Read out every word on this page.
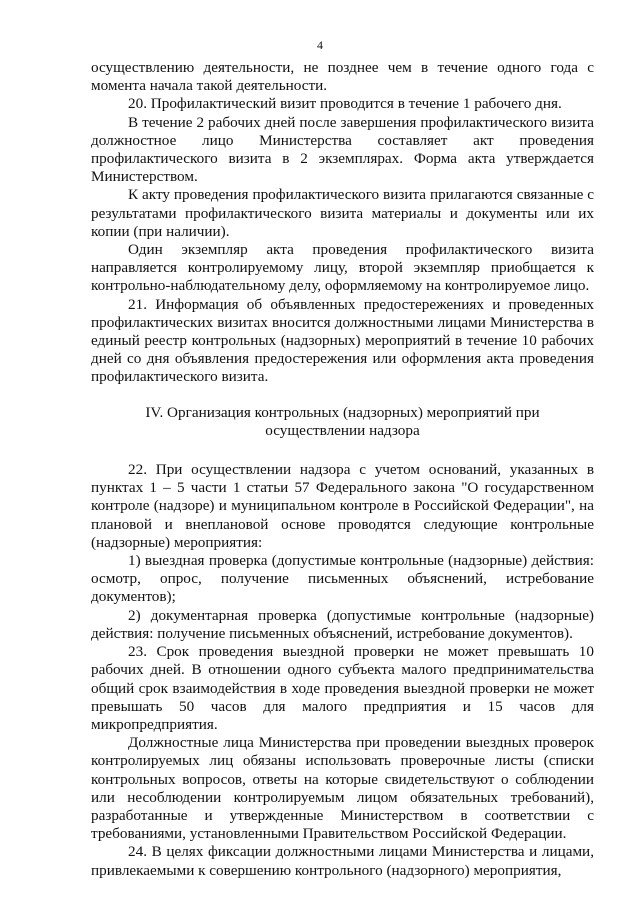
4

осуществлению деятельности, не позднее чем в течение одного года с момента начала такой деятельности.

20. Профилактический визит проводится в течение 1 рабочего дня.

В течение 2 рабочих дней после завершения профилактического визита должностное лицо Министерства составляет акт проведения профилактического визита в 2 экземплярах. Форма акта утверждается Министерством.

К акту проведения профилактического визита прилагаются связанные с результатами профилактического визита материалы и документы или их копии (при наличии).

Один экземпляр акта проведения профилактического визита направляется контролируемому лицу, второй экземпляр приобщается к контрольно-наблюдательному делу, оформляемому на контролируемое лицо.

21. Информация об объявленных предостережениях и проведенных профилактических визитах вносится должностными лицами Министерства в единый реестр контрольных (надзорных) мероприятий в течение 10 рабочих дней со дня объявления предостережения или оформления акта проведения профилактического визита.

IV. Организация контрольных (надзорных) мероприятий при осуществлении надзора

22. При осуществлении надзора с учетом оснований, указанных в пунктах 1 – 5 части 1 статьи 57 Федерального закона "О государственном контроле (надзоре) и муниципальном контроле в Российской Федерации", на плановой и внеплановой основе проводятся следующие контрольные (надзорные) мероприятия:

1) выездная проверка (допустимые контрольные (надзорные) действия: осмотр, опрос, получение письменных объяснений, истребование документов);

2) документарная проверка (допустимые контрольные (надзорные) действия: получение письменных объяснений, истребование документов).

23. Срок проведения выездной проверки не может превышать 10 рабочих дней. В отношении одного субъекта малого предпринимательства общий срок взаимодействия в ходе проведения выездной проверки не может превышать 50 часов для малого предприятия и 15 часов для микропредприятия.

Должностные лица Министерства при проведении выездных проверок контролируемых лиц обязаны использовать проверочные листы (списки контрольных вопросов, ответы на которые свидетельствуют о соблюдении или несоблюдении контролируемым лицом обязательных требований), разработанные и утвержденные Министерством в соответствии с требованиями, установленными Правительством Российской Федерации.

24. В целях фиксации должностными лицами Министерства и лицами, привлекаемыми к совершению контрольного (надзорного) мероприятия,
